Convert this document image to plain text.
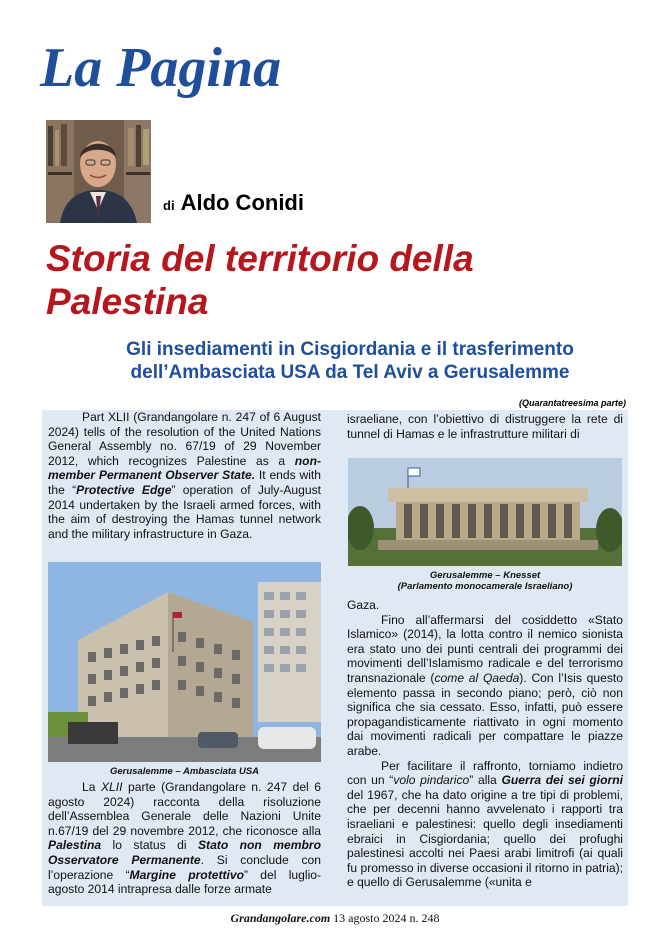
La Pagina
di Aldo Conidi
Storia del territorio della Palestina
Gli insediamenti in Cisgiordania e il trasferimento dell’Ambasciata USA da Tel Aviv a Gerusalemme
(Quarantatreesima parte)

Part XLII (Grandangolare n. 247 of 6 August 2024) tells of the resolution of the United Nations General Assembly no. 67/19 of 29 November 2012, which recognizes Palestine as a non-member Permanent Observer State. It ends with the “Protective Edge” operation of July-August 2014 undertaken by the Israeli armed forces, with the aim of destroying the Hamas tunnel network and the military infrastructure in Gaza.

Gerusalemme – Ambasciata USA

La XLII parte (Grandangolare n. 247 del 6 agosto 2024) racconta della risoluzione dell’Assemblea Generale delle Nazioni Unite n.67/19 del 29 novembre 2012, che riconosce alla Palestina lo status di Stato non membro Osservatore Permanente. Si conclude con l’operazione “Margine protettivo” del luglio-agosto 2014 intrapresa dalle forze armate

israeliane, con l’obiettivo di distruggere la rete di tunnel di Hamas e le infrastrutture militari di

Gerusalemme – Knesset
(Parlamento monocamerale Israeliano)

Gaza.

Fino all’affermarsi del cosiddetto «Stato Islamico» (2014), la lotta contro il nemico sionista era stato uno dei punti centrali dei programmi dei movimenti dell’Islamismo radicale e del terrorismo transnazionale (come al Qaeda). Con l’Isis questo elemento passa in secondo piano; però, ciò non significa che sia cessato. Esso, infatti, può essere propagandisticamente riattivato in ogni momento dai movimenti radicali per compattare le piazze arabe.

Per facilitare il raffronto, torniamo indietro con un “volo pindarico” alla Guerra dei sei giorni del 1967, che ha dato origine a tre tipi di problemi, che per decenni hanno avvelenato i rapporti tra israeliani e palestinesi: quello degli insediamenti ebraici in Cisgiordania; quello dei profughi palestinesi accolti nei Paesi arabi limitrofi (ai quali fu promesso in diverse occasioni il ritorno in patria); e quello di Gerusalemme («unita e

Grandangolare.com 13 agosto 2024 n. 248
